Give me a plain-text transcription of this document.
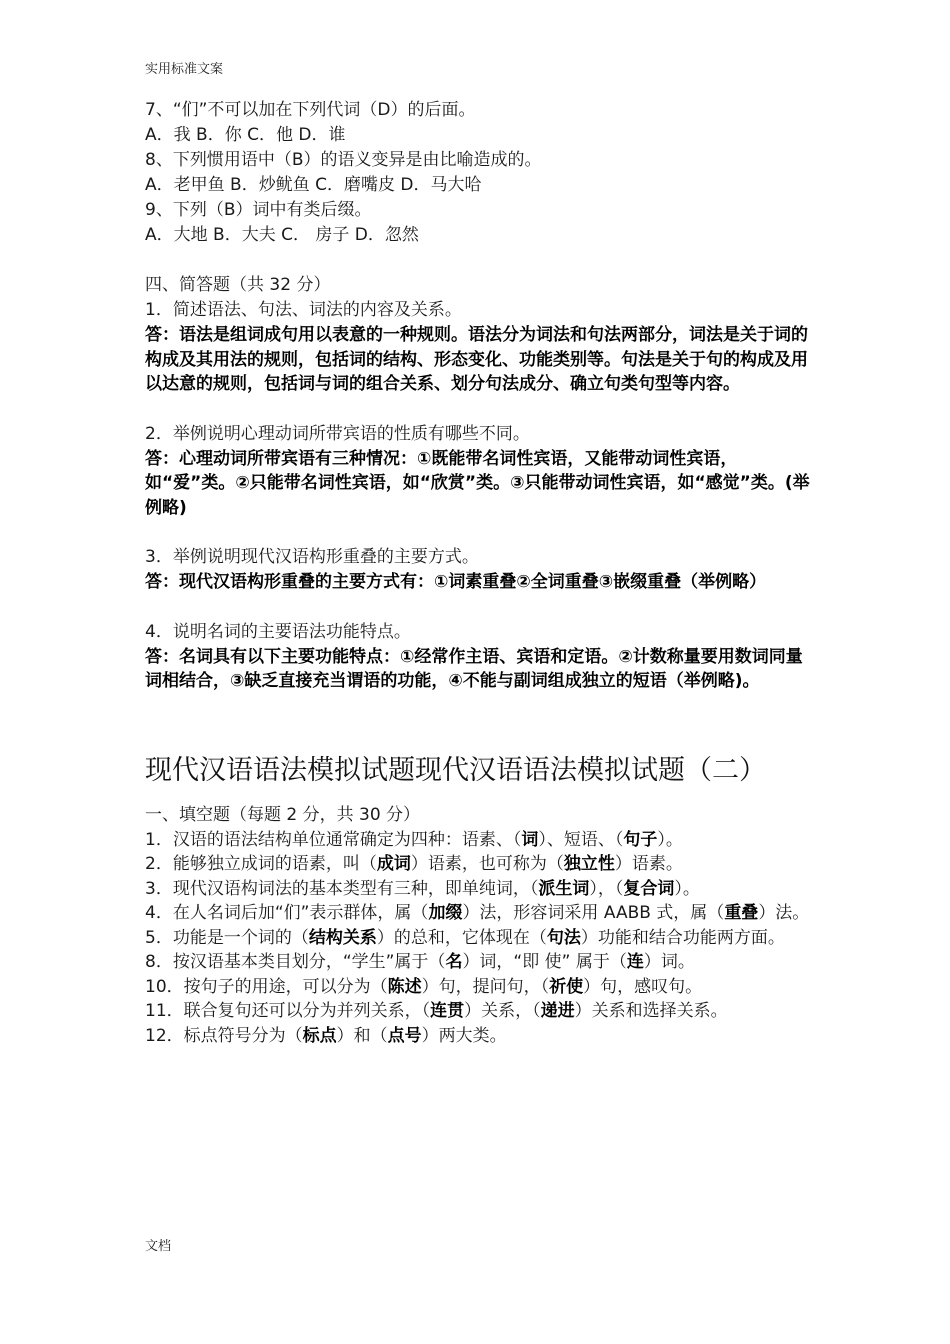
实用标准文案
7、“们”不可以加在下列代词（D）的后面。
A．我 B．你 C．他 D．谁
8、下列惯用语中（B）的语义变异是由比喻造成的。
A．老甲鱼 B．炒鱿鱼 C．磨嘴皮 D．马大哈
9、下列（B）词中有类后缀。
A．大地 B．大夫 C． 房子 D．忽然
四、简答题（共 32 分）
1．简述语法、句法、词法的内容及关系。
答：语法是组词成句用以表意的一种规则。语法分为词法和句法两部分，词法是关于词的构成及其用法的规则，包括词的结构、形态变化、功能类别等。句法是关于句的构成及用以达意的规则，包括词与词的组合关系、划分句法成分、确立句类句型等内容。
2．举例说明心理动词所带宾语的性质有哪些不同。
答：心理动词所带宾语有三种情况：①既能带名词性宾语，又能带动词性宾语，如“爱”类。②只能带名词性宾语，如“欣赏”类。③只能带动词性宾语，如“感觉”类。(举例略)
3．举例说明现代汉语构形重叠的主要方式。
答：现代汉语构形重叠的主要方式有：①词素重叠②全词重叠③嵌缀重叠（举例略）
4．说明名词的主要语法功能特点。
答：名词具有以下主要功能特点：①经常作主语、宾语和定语。②计数称量要用数词同量词相结合，③缺乏直接充当谓语的功能，④不能与副词组成独立的短语（举例略)。
现代汉语语法模拟试题现代汉语语法模拟试题（二）
一、填空题（每题 2 分，共 30 分）
1．汉语的语法结构单位通常确定为四种：语素、（词）、短语、（句子）。
2．能够独立成词的语素，叫（成词）语素，也可称为（独立性）语素。
3．现代汉语构词法的基本类型有三种，即单纯词，（派生词），（复合词）。
4．在人名词后加“们”表示群体，属（加缀）法，形容词采用 AABB 式，属（重叠）法。
5．功能是一个词的（结构关系）的总和，它体现在（句法）功能和结合功能两方面。
8．按汉语基本类目划分，“学生”属于（名）词，“即 使” 属于（连）词。
10．按句子的用途，可以分为（陈述）句，提问句，（祈使）句，感叹句。
11．联合复句还可以分为并列关系，（连贯）关系，（递进）关系和选择关系。
12．标点符号分为（标点）和（点号）两大类。
文档
